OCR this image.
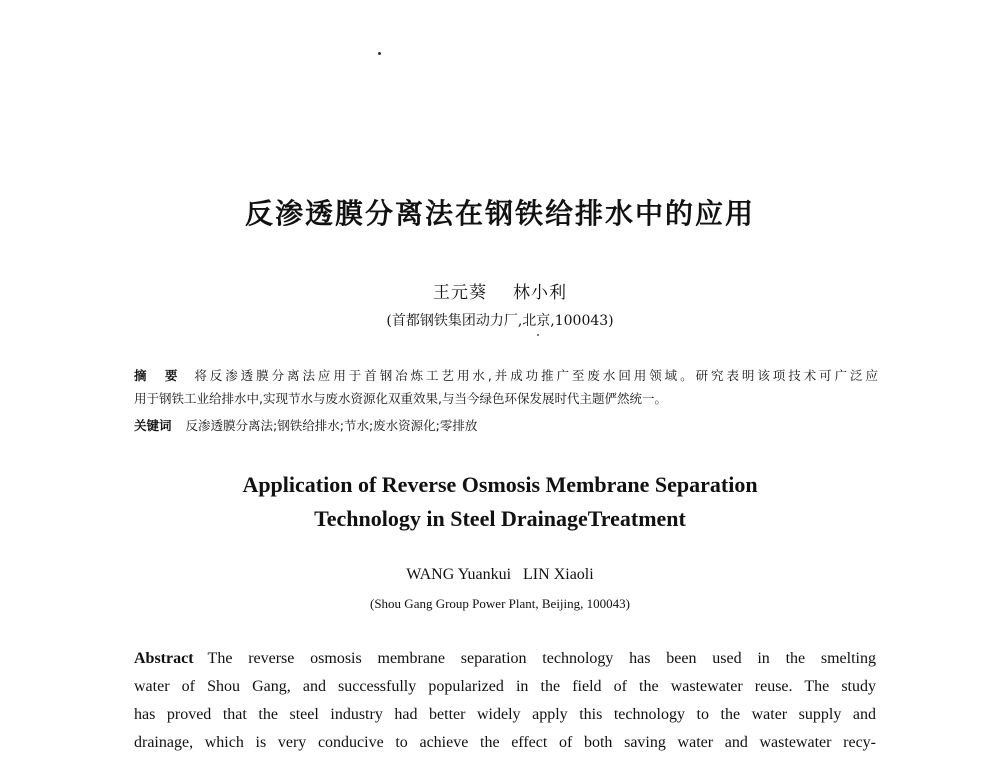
反渗透膜分离法在钢铁给排水中的应用
王元葵 林小利
(首都钢铁集团动力厂,北京,100043)
摘　要 将反渗透膜分离法应用于首钢冶炼工艺用水,并成功推广至废水回用领域。研究表明该项技术可广泛应
用于钢铁工业给排水中,实现节水与废水资源化双重效果,与当今绿色环保发展时代主题俨然统一。
关键词 反渗透膜分离法;钢铁给排水;节水;废水资源化;零排放
Application of Reverse Osmosis Membrane Separation
Technology in Steel DrainageTreatment
WANG Yuankui LIN Xiaoli
(Shou Gang Group Power Plant, Beijing, 100043)
Abstract The reverse osmosis membrane separation technology has been used in the smelting
water of Shou Gang, and successfully popularized in the field of the wastewater reuse. The study
has proved that the steel industry had better widely apply this technology to the water supply and
drainage, which is very conducive to achieve the effect of both saving water and wastewater recy-
